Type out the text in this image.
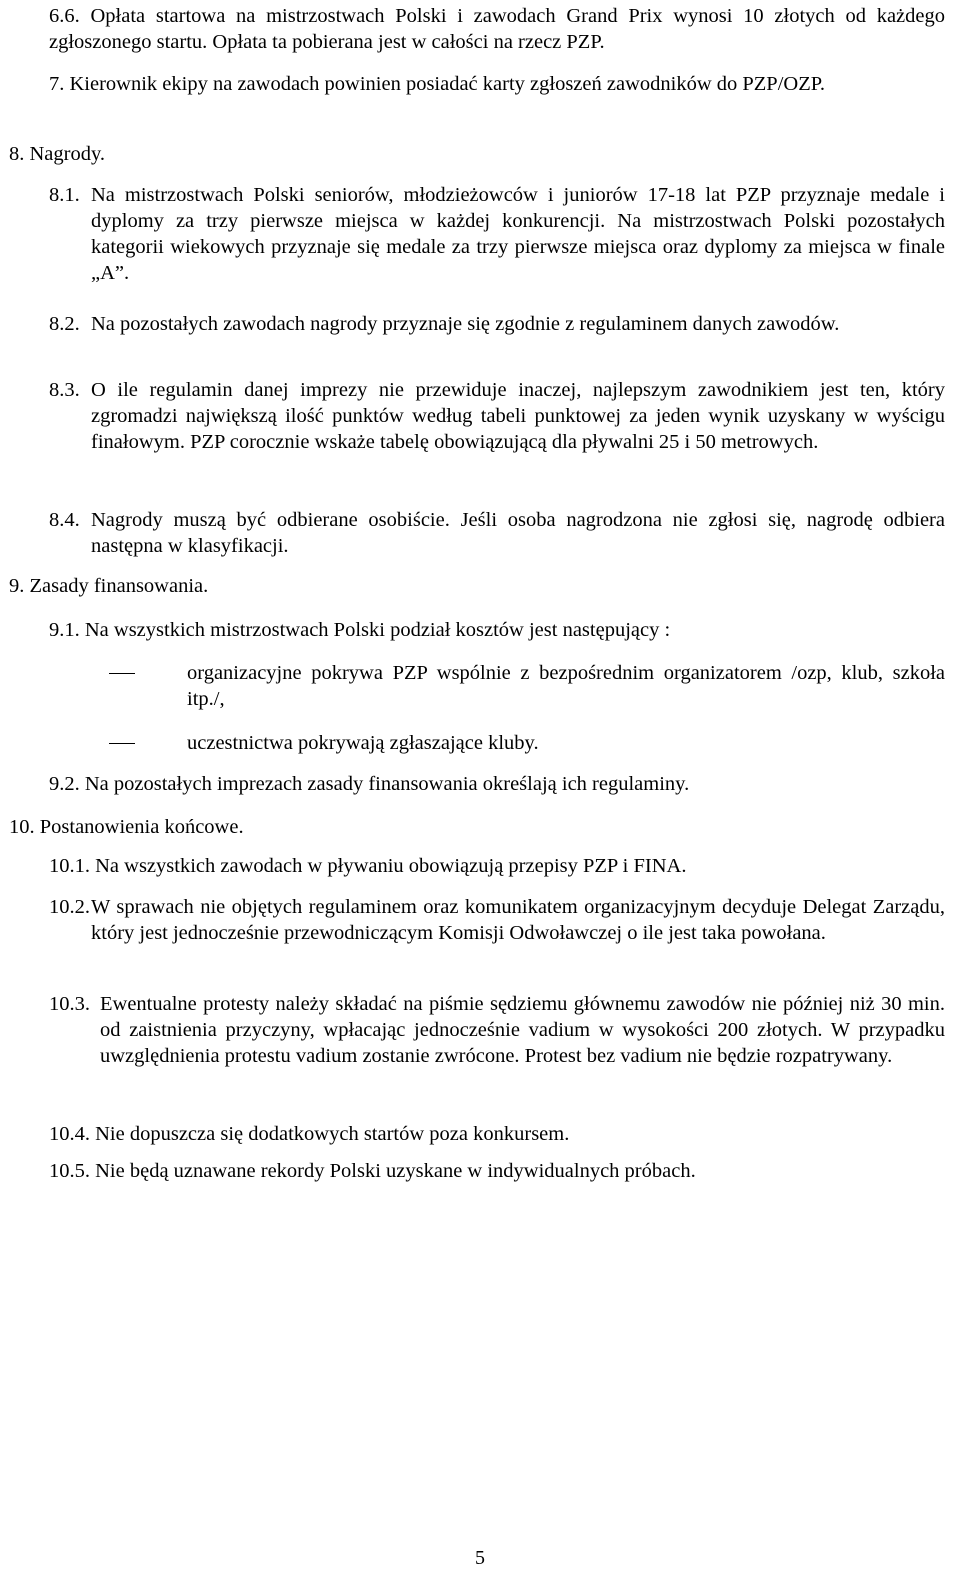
6.6. Opłata startowa na mistrzostwach Polski i zawodach Grand Prix wynosi 10 złotych od każdego zgłoszonego startu. Opłata ta pobierana jest w całości na rzecz PZP.
7. Kierownik ekipy na zawodach powinien posiadać karty zgłoszeń zawodników do PZP/OZP.
8. Nagrody.
8.1. Na mistrzostwach Polski seniorów, młodzieżowców i juniorów 17-18 lat PZP przyznaje medale i dyplomy za trzy pierwsze miejsca w każdej konkurencji. Na mistrzostwach Polski pozostałych kategorii wiekowych przyznaje się medale za trzy pierwsze miejsca oraz dyplomy za miejsca w finale „A”.
8.2. Na pozostałych zawodach nagrody przyznaje się zgodnie z regulaminem danych zawodów.
8.3. O ile regulamin danej imprezy nie przewiduje inaczej, najlepszym zawodnikiem jest ten, który zgromadzi największą ilość punktów według tabeli punktowej za jeden wynik uzyskany w wyścigu finałowym. PZP corocznie wskaże tabelę obowiązującą dla pływalni 25 i 50 metrowych.
8.4. Nagrody muszą być odbierane osobiście. Jeśli osoba nagrodzona nie zgłosi się, nagrodę odbiera następna w klasyfikacji.
9. Zasady finansowania.
9.1. Na wszystkich mistrzostwach Polski podział kosztów jest następujący :
organizacyjne pokrywa PZP wspólnie z bezpośrednim organizatorem /ozp, klub, szkoła itp./,
uczestnictwa pokrywają zgłaszające kluby.
9.2. Na pozostałych imprezach zasady finansowania określają ich regulaminy.
10. Postanowienia końcowe.
10.1. Na wszystkich zawodach w pływaniu obowiązują przepisy PZP i FINA.
10.2. W sprawach nie objętych regulaminem oraz komunikatem organizacyjnym decyduje Delegat Zarządu, który jest jednocześnie przewodniczącym Komisji Odwoławczej o ile jest taka powołana.
10.3. Ewentualne protesty należy składać na piśmie sędziemu głównemu zawodów nie później niż 30 min. od zaistnienia przyczyny, wpłacając jednocześnie vadium w wysokości 200 złotych. W przypadku uwzględnienia protestu vadium zostanie zwrócone. Protest bez vadium nie będzie rozpatrywany.
10.4. Nie dopuszcza się dodatkowych startów poza konkursem.
10.5. Nie będą uznawane rekordy Polski uzyskane w indywidualnych próbach.
5
